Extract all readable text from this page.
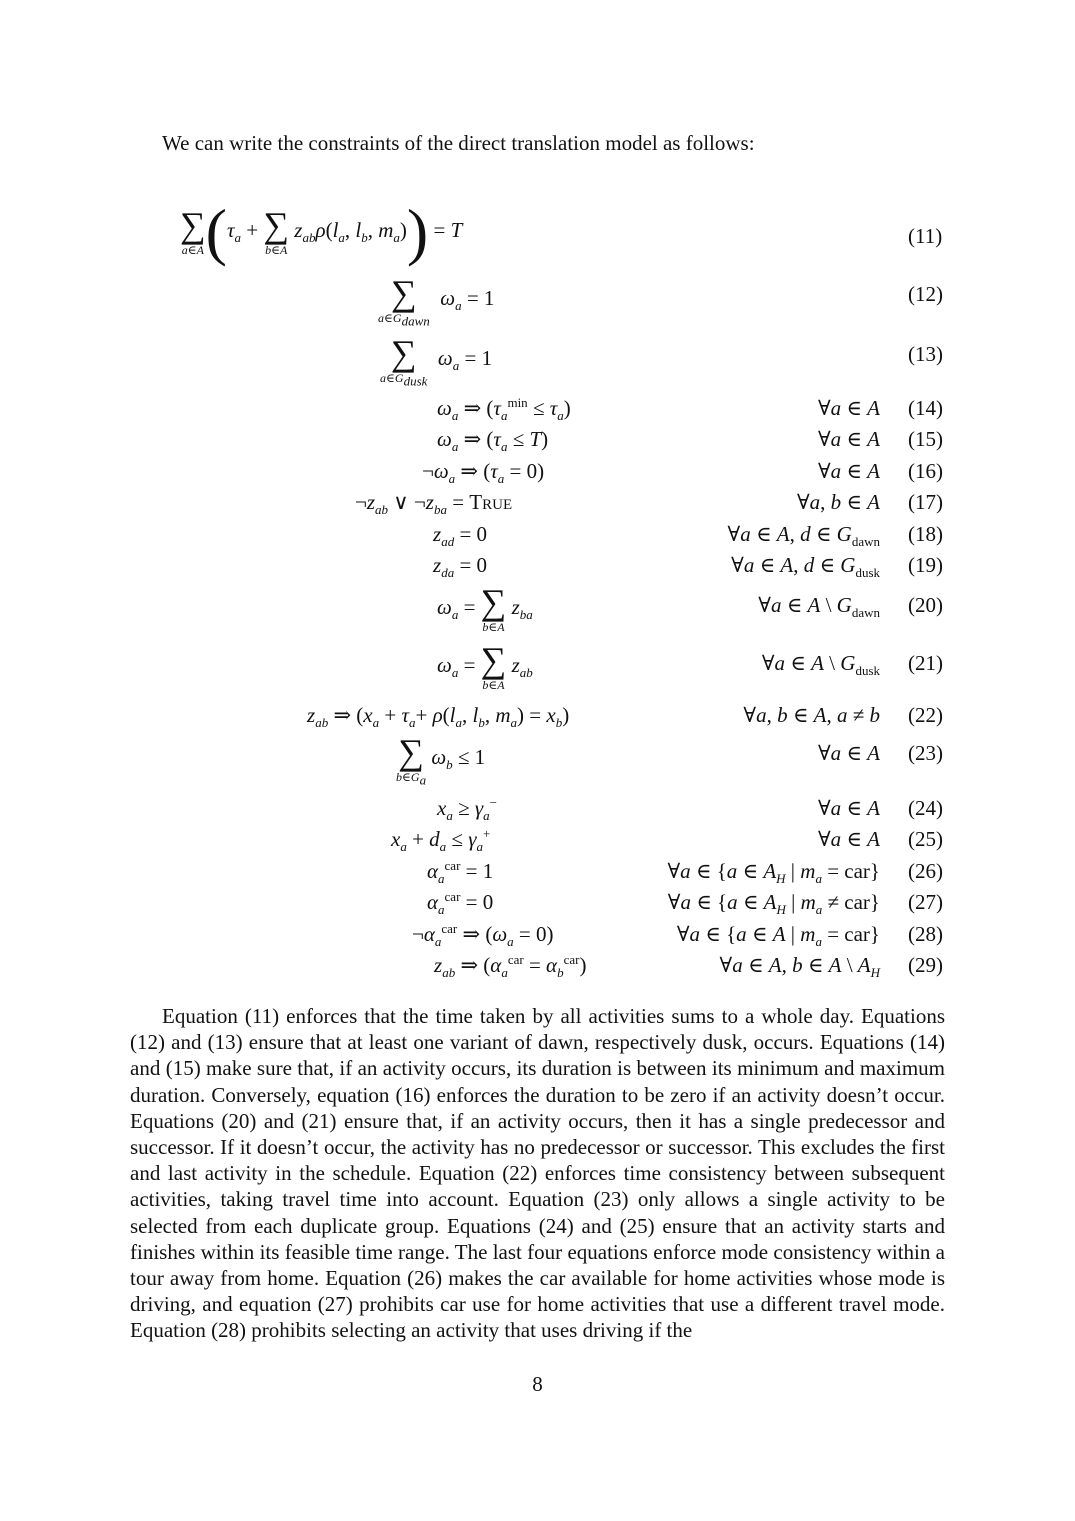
We can write the constraints of the direct translation model as follows:
∑
a∈A ($\tau_a$ + ∑
b∈A
$z_{ab}\rho(l_a$, $l_b$, $m_a)) = T$	(11)
∑
$a\in G_{dawn}$
$\omega_a = 1$	(12)
∑
$a\in G_{dusk}$
$\omega_a = 1$	(13)
$\omega_a$ ⇒ $(\tau_a^{min} \le \tau_a)$	∀a ∈ A (14)
$\omega_a$ ⇒ $(\tau_a \le T)$	∀a ∈ A (15)
$\neg\omega_a$ ⇒ $(\tau_a = 0)$	∀a ∈ A (16)
$\neg z_{ab}$ ∨ $\neg z_{ba}$ = True	∀a, b ∈ A (17)
$z_{ad} = 0$	∀a ∈ A, d ∈ $G_{dawn}$ (18)
$z_{da} = 0$	∀a ∈ A, d ∈ $G_{dusk}$ (19)
$\omega_a$ = ∑
b∈A
$z_{ba}$	∀a ∈ A \ $G_{dawn}$ (20)
$\omega_a$ = ∑
b∈A
$z_{ab}$	∀a ∈ A \ $G_{dusk}$ (21)
$z_{ab}$ ⇒ ($x_a + \tau_a+ \rho(l_a$, $l_b$, $m_a) = x_b$)	∀a, b ∈ A, a ≠ b (22)
∑
$b\in G_a$
$\omega_b \le 1$	∀a ∈ A (23)
$x_a \ge \gamma_a^-$	∀a ∈ A (24)
$x_a + d_a \le \gamma_a^+$	∀a ∈ A (25)
$\alpha_a^{car} = 1$	∀a ∈ {a ∈ $A_H$ | $m_a = car$} (26)
$\alpha_a^{car} = 0$	∀a ∈ {a ∈ $A_H$ | $m_a \ne car$} (27)
$\neg\alpha_a^{car}$ ⇒ $(\omega_a = 0)$	∀a ∈ {a ∈ A | $m_a = car$} (28)
$z_{ab}$ ⇒ $(\alpha_a^{car} = \alpha_b^{car})$	∀a ∈ A, b ∈ A \ $A_H$ (29)
Equation (11) enforces that the time taken by all activities sums to a whole day. Equations (12) and (13) ensure that at least one variant of dawn, respectively dusk, occurs. Equations (14) and (15) make sure that, if an activity occurs, its duration is between its minimum and maximum duration. Conversely, equation (16) enforces the duration to be zero if an activity doesn’t occur. Equations (20) and (21) ensure that, if an activity occurs, then it has a single predecessor and successor. If it doesn’t occur, the activity has no predecessor or successor. This excludes the first and last activity in the schedule. Equation (22) enforces time consistency between subsequent activities, taking travel time into account. Equation (23) only allows a single activity to be selected from each duplicate group. Equations (24) and (25) ensure that an activity starts and finishes within its feasible time range. The last four equations enforce mode consistency within a tour away from home. Equation (26) makes the car available for home activities whose mode is driving, and equation (27) prohibits car use for home activities that use a different travel mode. Equation (28) prohibits selecting an activity that uses driving if the
8
